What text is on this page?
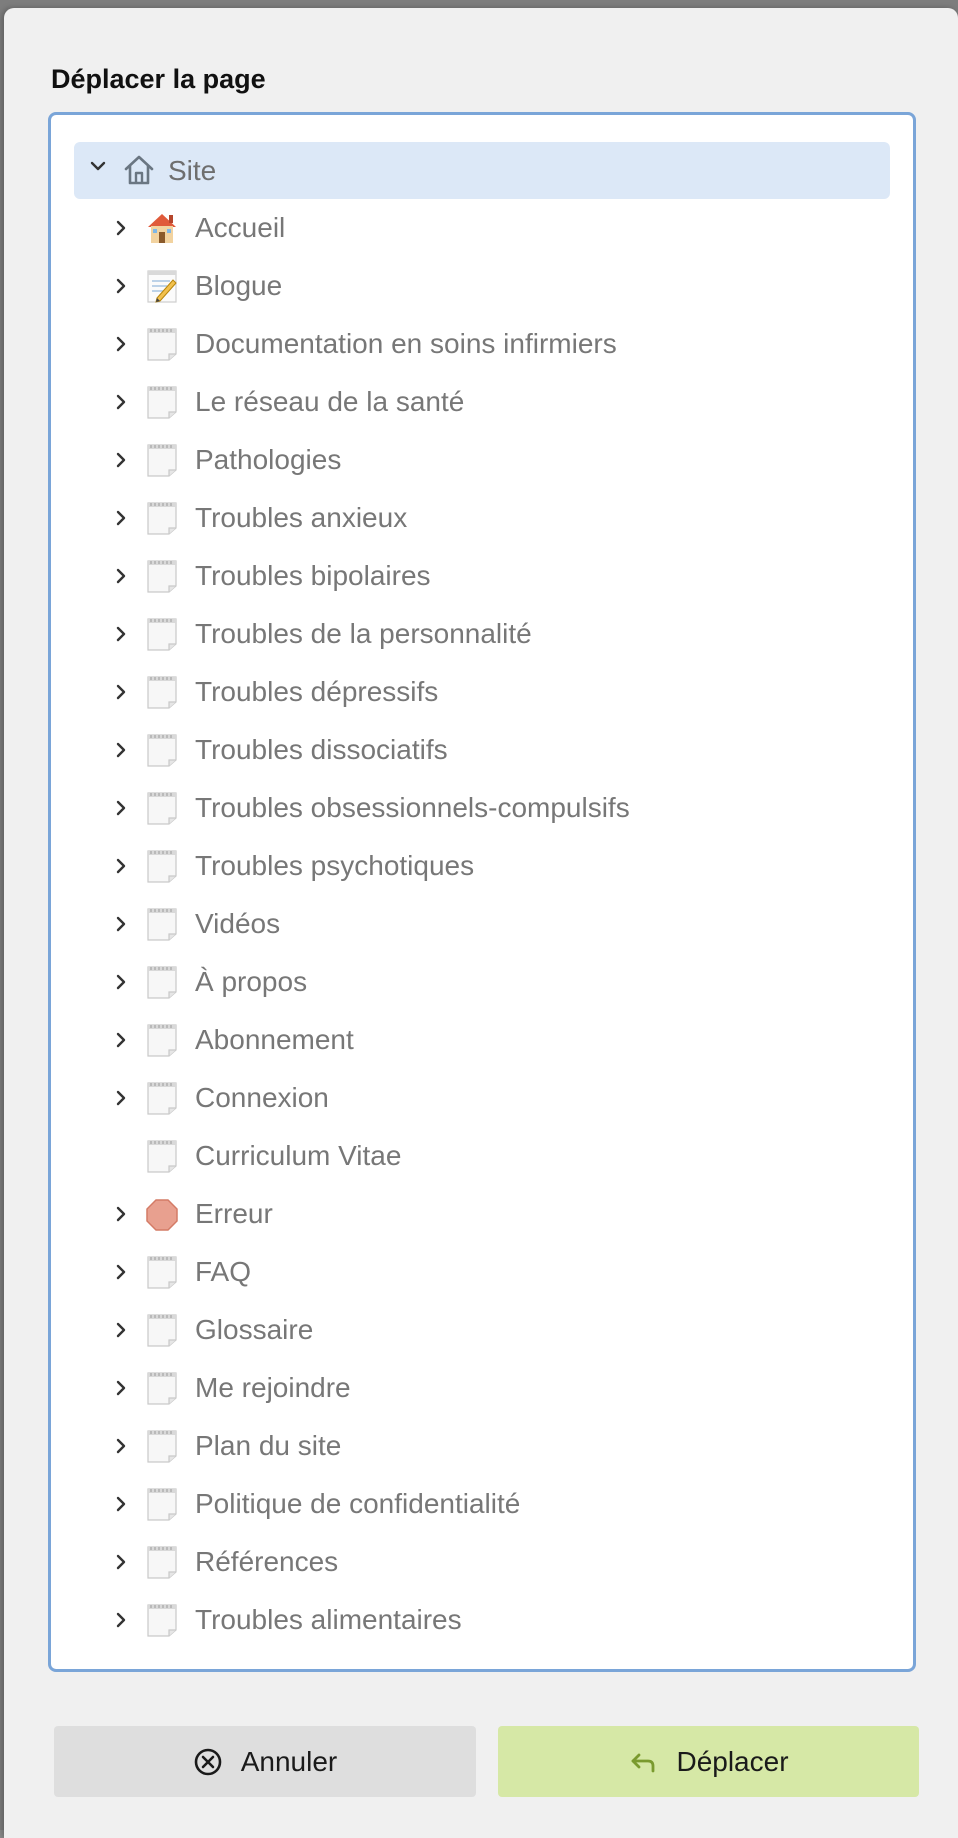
Déplacer la page
Site
Accueil
Blogue
Documentation en soins infirmiers
Le réseau de la santé
Pathologies
Troubles anxieux
Troubles bipolaires
Troubles de la personnalité
Troubles dépressifs
Troubles dissociatifs
Troubles obsessionnels-compulsifs
Troubles psychotiques
Vidéos
À propos
Abonnement
Connexion
Curriculum Vitae
Erreur
FAQ
Glossaire
Me rejoindre
Plan du site
Politique de confidentialité
Références
Troubles alimentaires
Annuler	Déplacer
